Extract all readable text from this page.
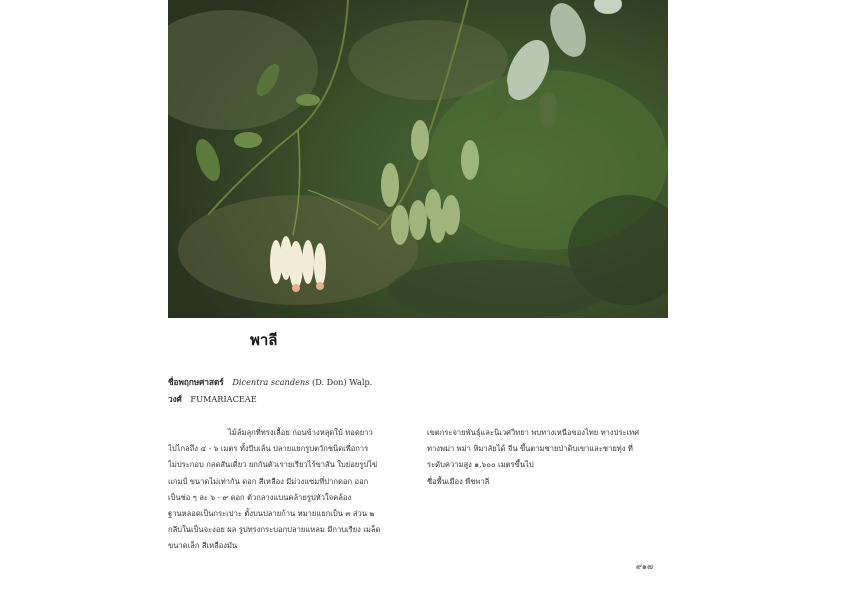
พาลี
ชื่อพฤกษศาสตร์ Dicentra scandens (D. Don) Walp.
วงศ์ FUMARIACEAE

ไม้ล้มลุกที่ทรงเลื้อย ก่อนข้างหลุดใบ้ ทอดยาว

ไปไกลถึง ๔ - ๖ เมตร ทั้งบีบเล้น ปลายแยกรูปตวักชนิดเพื่อการ

ไม่ประกอบ กลดสันเดี่ยว ยกกันตัวเรายเรียวไร้ขาสัน ใบย่อยรูปไข่

แกมป์ ขนาดไม่เท่ากัน ดอก สีเหลือง มีม่วงแซมที่ปากดอก ออก

เป็นช่อ ๆ ละ ๖ - ๙ ดอก ตัวกลางแบนคล้ายรูปหัวใจคล้อง

ฐานหลอดเป็นกระเปาะ ตั้งบนปลายก้าน หมายแยกเป็น ๓ ส่วน ๒

กลีบในเป็นจะงอย ผล รูปทรงกระบอกปลายแหลม มีกาบเรียง เมล็ด

ขนาดเล็ก สีเหลืองมัน

เขตกระจายพันธุ์และนิเวศวิทยา พบทางเหนือของไทย ทางประเทศ

ทางพม่า พม่า หิมาลัยได้ จีน ขึ้นตามชายป่าดิบเขาและชายทุ่ง ที่

ระดับความสูง ๑,๖๐๐ เมตรขึ้นไป

ชื่อพื้นเมือง พืชพาลี

๙๑๗
